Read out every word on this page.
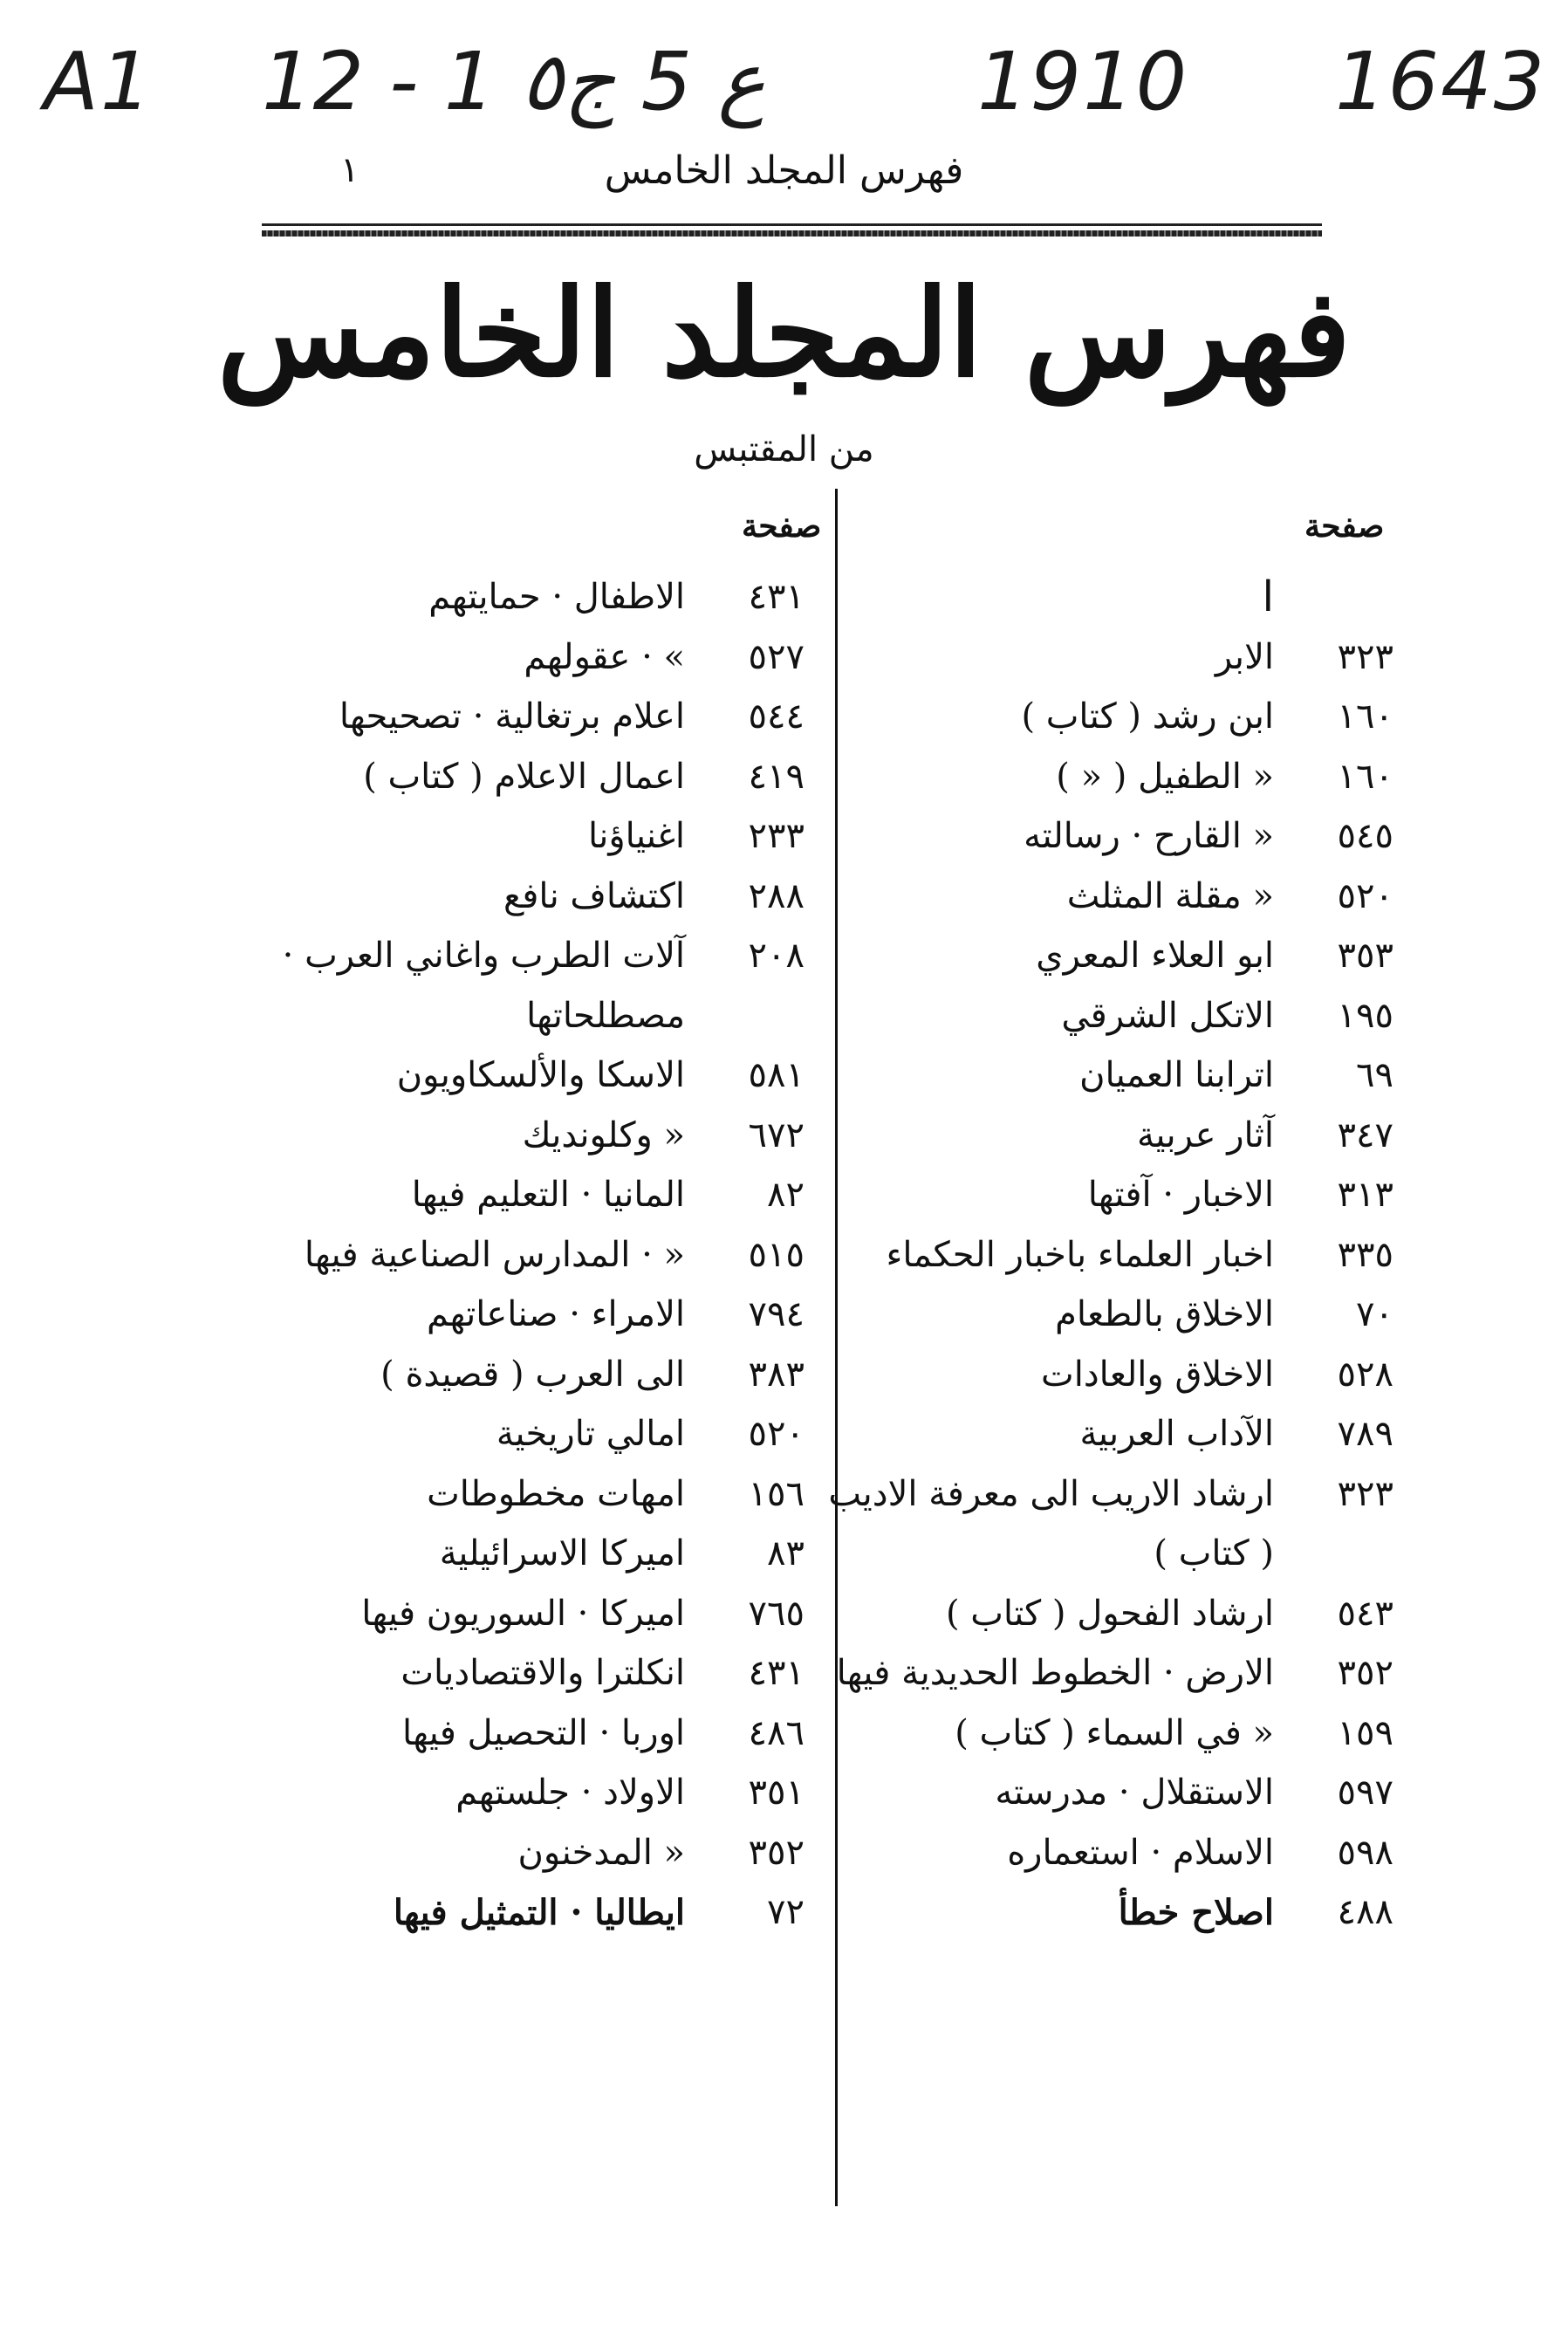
A1 12 - 1 ع 5 ج٥	1910 1643
فهرس المجلد الخامس
١
فهرس المجلد الخامس
من المقتبس
صفحة
صفحة
ا
٣٢٣
الابر
١٦٠
ابن رشد ( كتاب )
١٦٠
« الطفيل ( « )
٥٤٥
« القارح · رسالته
٥٢٠
« مقلة المثلث
٣٥٣
ابو العلاء المعري
١٩٥
الاتكل الشرقي
٦٩
اترابنا العميان
٣٤٧
آثار عربية
٣١٣
الاخبار · آفتها
٣٣٥
اخبار العلماء باخبار الحكماء
٧٠
الاخلاق بالطعام
٥٢٨
الاخلاق والعادات
٧٨٩
الآداب العربية
٣٢٣
ارشاد الاريب الى معرفة الاديب
( كتاب )
٥٤٣
ارشاد الفحول ( كتاب )
٣٥٢
الارض · الخطوط الحديدية فيها
١٥٩
« في السماء ( كتاب )
٥٩٧
الاستقلال · مدرسته
٥٩٨
الاسلام · استعماره
٤٨٨
اصلاح خطأ
٤٣١
الاطفال · حمايتهم
٥٢٧
» · عقولهم
٥٤٤
اعلام برتغالية · تصحيحها
٤١٩
اعمال الاعلام ( كتاب )
٢٣٣
اغنياؤنا
٢٨٨
اكتشاف نافع
٢٠٨
آلات الطرب واغاني العرب ·
مصطلحاتها
٥٨١
الاسكا والألسكاويون
٦٧٢
« وكلونديك
٨٢
المانيا · التعليم فيها
٥١٥
« · المدارس الصناعية فيها
٧٩٤
الامراء · صناعاتهم
٣٨٣
الى العرب ( قصيدة )
٥٢٠
امالي تاريخية
١٥٦
امهات مخطوطات
٨٣
اميركا الاسرائيلية
٧٦٥
اميركا · السوريون فيها
٤٣١
انكلترا والاقتصاديات
٤٨٦
اوربا · التحصيل فيها
٣٥١
الاولاد · جلستهم
٣٥٢
« المدخنون
٧٢
ايطاليا · التمثيل فيها
